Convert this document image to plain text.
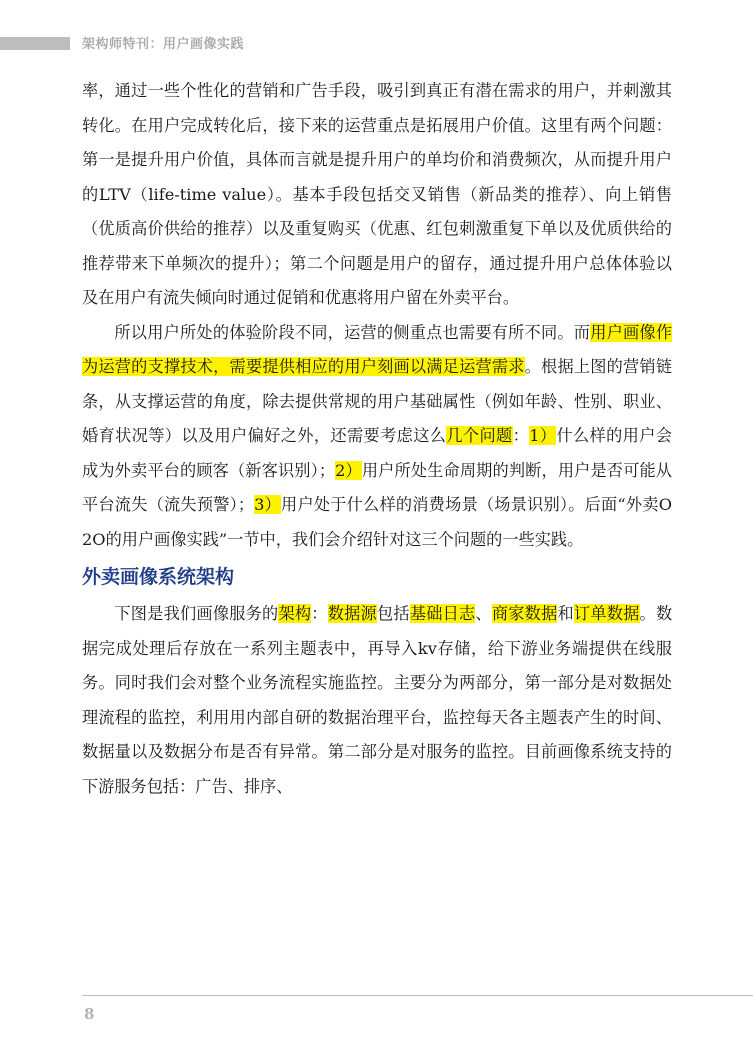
架构师特刊：用户画像实践

率，通过一些个性化的营销和广告手段，吸引到真正有潜在需求的用户，并刺激其转化。在用户完成转化后，接下来的运营重点是拓展用户价值。这里有两个问题：第一是提升用户价值，具体而言就是提升用户的单均价和消费频次，从而提升用户的LTV（life-time value）。基本手段包括交叉销售（新品类的推荐）、向上销售（优质高价供给的推荐）以及重复购买（优惠、红包刺激重复下单以及优质供给的推荐带来下单频次的提升）；第二个问题是用户的留存，通过提升用户总体体验以及在用户有流失倾向时通过促销和优惠将用户留在外卖平台。

所以用户所处的体验阶段不同，运营的侧重点也需要有所不同。而用户画像作为运营的支撑技术，需要提供相应的用户刻画以满足运营需求。根据上图的营销链条，从支撑运营的角度，除去提供常规的用户基础属性（例如年龄、性别、职业、婚育状况等）以及用户偏好之外，还需要考虑这么几个问题：1）什么样的用户会成为外卖平台的顾客（新客识别）；2）用户所处生命周期的判断，用户是否可能从平台流失（流失预警）；3）用户处于什么样的消费场景（场景识别）。后面“外卖O2O的用户画像实践”一节中，我们会介绍针对这三个问题的一些实践。

外卖画像系统架构

下图是我们画像服务的架构：数据源包括基础日志、商家数据和订单数据。数据完成处理后存放在一系列主题表中，再导入kv存储，给下游业务端提供在线服务。同时我们会对整个业务流程实施监控。主要分为两部分，第一部分是对数据处理流程的监控，利用用内部自研的数据治理平台，监控每天各主题表产生的时间、数据量以及数据分布是否有异常。第二部分是对服务的监控。目前画像系统支持的下游服务包括：广告、排序、

8
